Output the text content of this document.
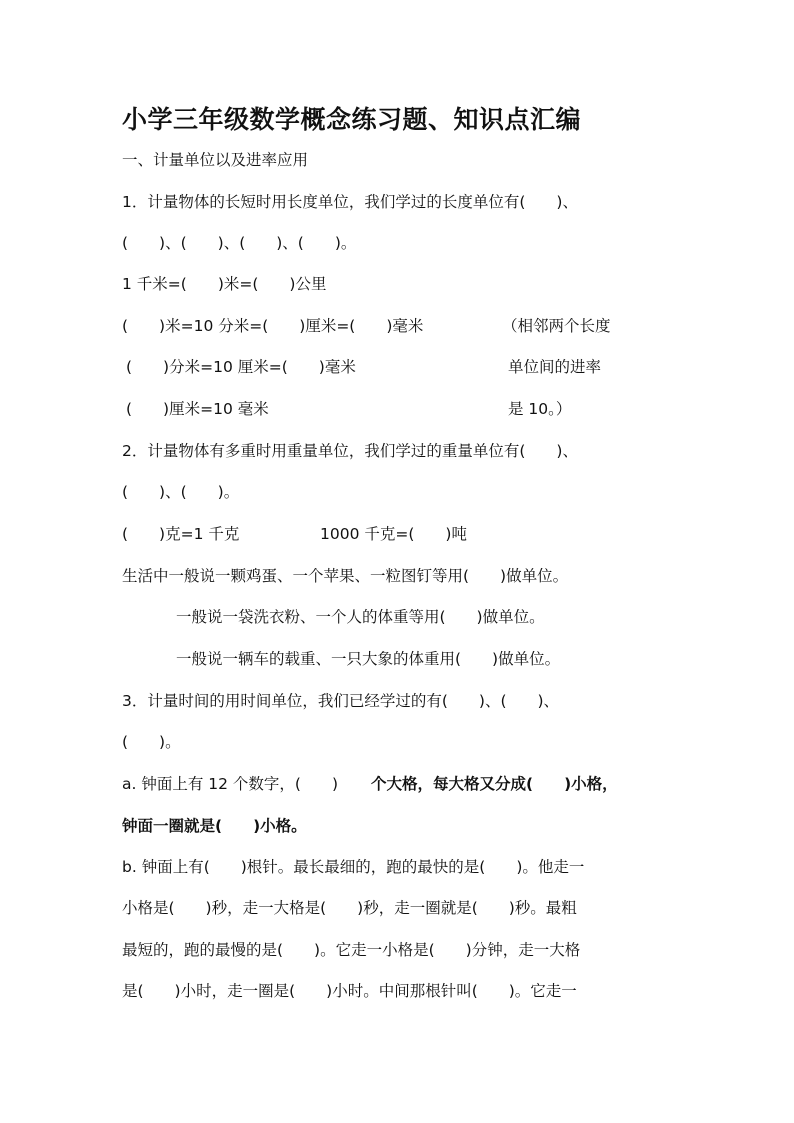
小学三年级数学概念练习题、知识点汇编
一、计量单位以及进率应用
1．计量物体的长短时用长度单位，我们学过的长度单位有(　　)、
(　　)、(　　)、(　　)、(　　)。
1 千米=(　　)米=(　　)公里
(　　)米=10 分米=(　　)厘米=(　　)毫米	（相邻两个长度
(　　)分米=10 厘米=(　　)毫米	单位间的进率
(　　)厘米=10 毫米	是 10。）
2．计量物体有多重时用重量单位，我们学过的重量单位有(　　)、
(　　)、(　　)。
(　　)克=1 千克	1000 千克=(　　)吨
生活中一般说一颗鸡蛋、一个苹果、一粒图钉等用(　　)做单位。
一般说一袋洗衣粉、一个人的体重等用(　　)做单位。
一般说一辆车的载重、一只大象的体重用(　　)做单位。
3．计量时间的用时间单位，我们已经学过的有(　　)、(　　)、
(　　)。
a. 钟面上有 12 个数字，(　　) 个大格，每大格又分成(　　)小格，
钟面一圈就是(　　)小格。
b. 钟面上有(　　)根针。最长最细的，跑的最快的是(　　)。他走一
小格是(　　)秒，走一大格是(　　)秒，走一圈就是(　　)秒。最粗
最短的，跑的最慢的是(　　)。它走一小格是(　　)分钟，走一大格
是(　　)小时，走一圈是(　　)小时。中间那根针叫(　　)。它走一
